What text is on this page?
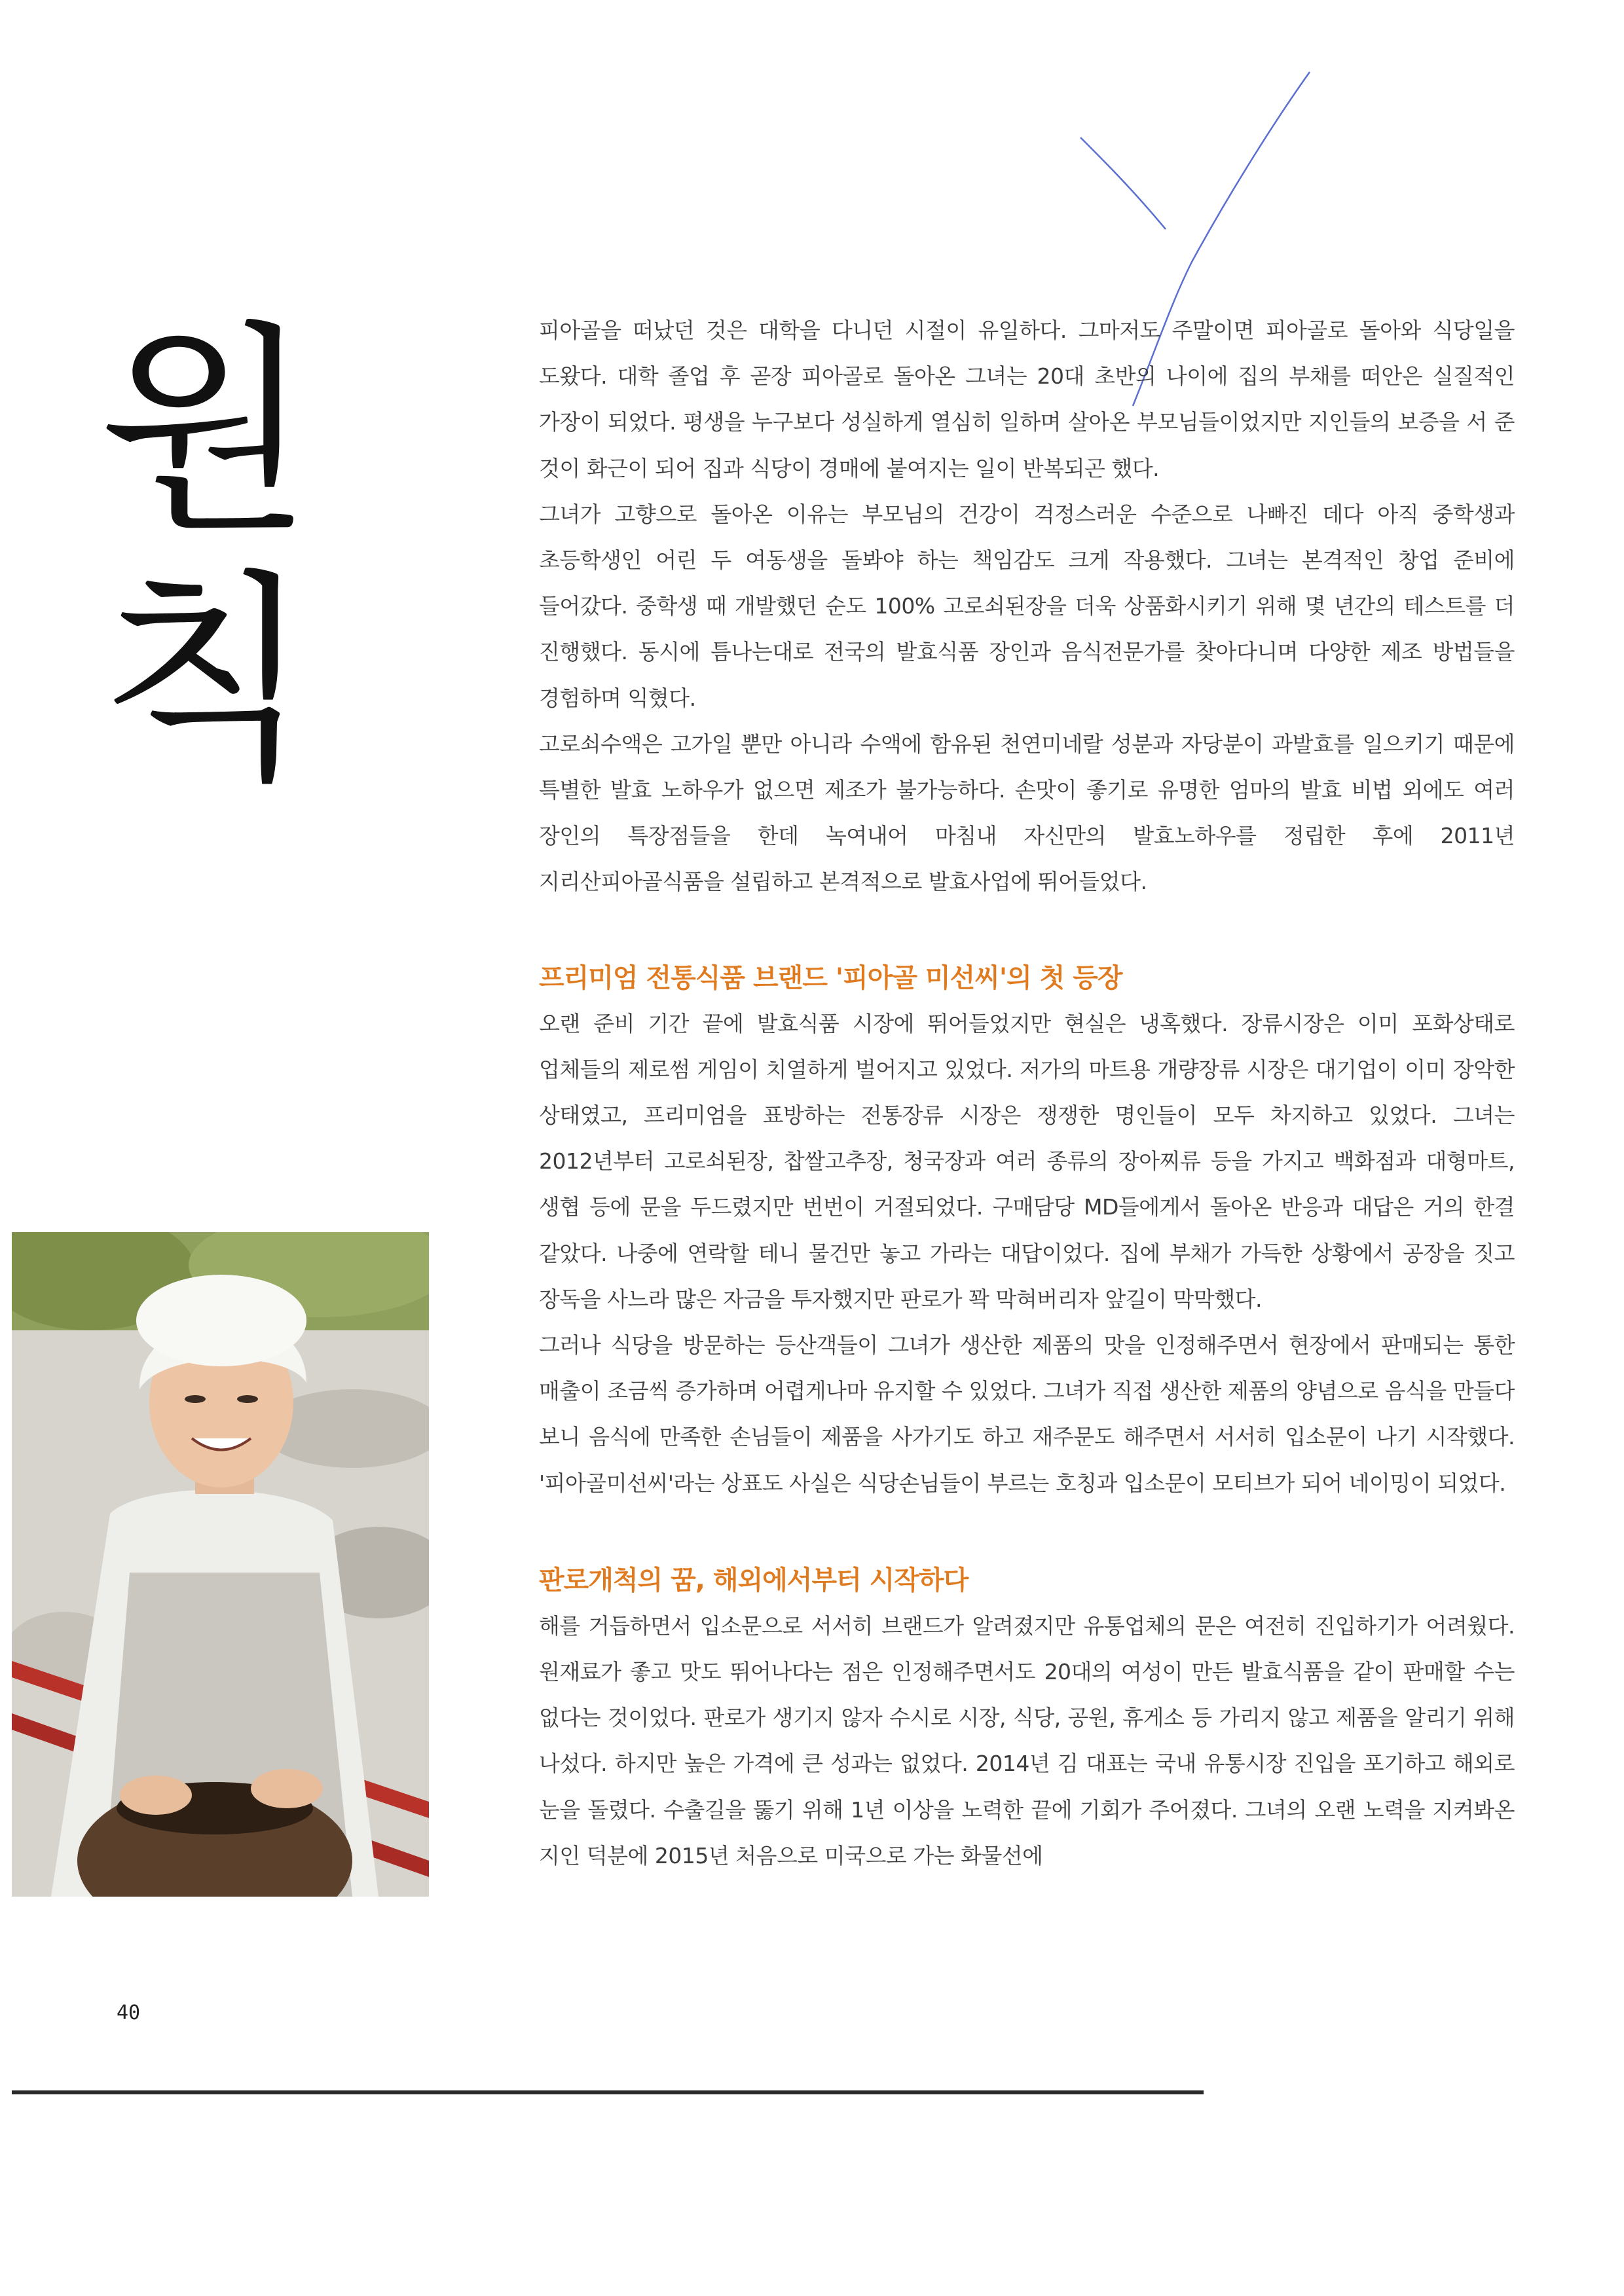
원
칙

피아골을 떠났던 것은 대학을 다니던 시절이 유일하다. 그마저도 주말이면 피아골로 돌아와 식당일을 도왔다. 대학 졸업 후 곧장 피아골로 돌아온 그녀는 20대 초반의 나이에 집의 부채를 떠안은 실질적인 가장이 되었다. 평생을 누구보다 성실하게 열심히 일하며 살아온 부모님들이었지만 지인들의 보증을 서 준 것이 화근이 되어 집과 식당이 경매에 붙여지는 일이 반복되곤 했다.

그녀가 고향으로 돌아온 이유는 부모님의 건강이 걱정스러운 수준으로 나빠진 데다 아직 중학생과 초등학생인 어린 두 여동생을 돌봐야 하는 책임감도 크게 작용했다. 그녀는 본격적인 창업 준비에 들어갔다. 중학생 때 개발했던 순도 100% 고로쇠된장을 더욱 상품화시키기 위해 몇 년간의 테스트를 더 진행했다. 동시에 틈나는대로 전국의 발효식품 장인과 음식전문가를 찾아다니며 다양한 제조 방법들을 경험하며 익혔다.

고로쇠수액은 고가일 뿐만 아니라 수액에 함유된 천연미네랄 성분과 자당분이 과발효를 일으키기 때문에 특별한 발효 노하우가 없으면 제조가 불가능하다. 손맛이 좋기로 유명한 엄마의 발효 비법 외에도 여러 장인의 특장점들을 한데 녹여내어 마침내 자신만의 발효노하우를 정립한 후에 2011년 지리산피아골식품을 설립하고 본격적으로 발효사업에 뛰어들었다.

프리미엄 전통식품 브랜드 '피아골 미선씨'의 첫 등장

오랜 준비 기간 끝에 발효식품 시장에 뛰어들었지만 현실은 냉혹했다. 장류시장은 이미 포화상태로 업체들의 제로썸 게임이 치열하게 벌어지고 있었다. 저가의 마트용 개량장류 시장은 대기업이 이미 장악한 상태였고, 프리미엄을 표방하는 전통장류 시장은 쟁쟁한 명인들이 모두 차지하고 있었다. 그녀는 2012년부터 고로쇠된장, 찹쌀고추장, 청국장과 여러 종류의 장아찌류 등을 가지고 백화점과 대형마트, 생협 등에 문을 두드렸지만 번번이 거절되었다. 구매담당 MD들에게서 돌아온 반응과 대답은 거의 한결 같았다. 나중에 연락할 테니 물건만 놓고 가라는 대답이었다. 집에 부채가 가득한 상황에서 공장을 짓고 장독을 사느라 많은 자금을 투자했지만 판로가 꽉 막혀버리자 앞길이 막막했다.

그러나 식당을 방문하는 등산객들이 그녀가 생산한 제품의 맛을 인정해주면서 현장에서 판매되는 통한 매출이 조금씩 증가하며 어렵게나마 유지할 수 있었다. 그녀가 직접 생산한 제품의 양념으로 음식을 만들다 보니 음식에 만족한 손님들이 제품을 사가기도 하고 재주문도 해주면서 서서히 입소문이 나기 시작했다. '피아골미선씨'라는 상표도 사실은 식당손님들이 부르는 호칭과 입소문이 모티브가 되어 네이밍이 되었다.

판로개척의 꿈, 해외에서부터 시작하다

해를 거듭하면서 입소문으로 서서히 브랜드가 알려졌지만 유통업체의 문은 여전히 진입하기가 어려웠다. 원재료가 좋고 맛도 뛰어나다는 점은 인정해주면서도 20대의 여성이 만든 발효식품을 같이 판매할 수는 없다는 것이었다. 판로가 생기지 않자 수시로 시장, 식당, 공원, 휴게소 등 가리지 않고 제품을 알리기 위해 나섰다. 하지만 높은 가격에 큰 성과는 없었다. 2014년 김 대표는 국내 유통시장 진입을 포기하고 해외로 눈을 돌렸다. 수출길을 뚫기 위해 1년 이상을 노력한 끝에 기회가 주어졌다. 그녀의 오랜 노력을 지켜봐온 지인 덕분에 2015년 처음으로 미국으로 가는 화물선에

40
